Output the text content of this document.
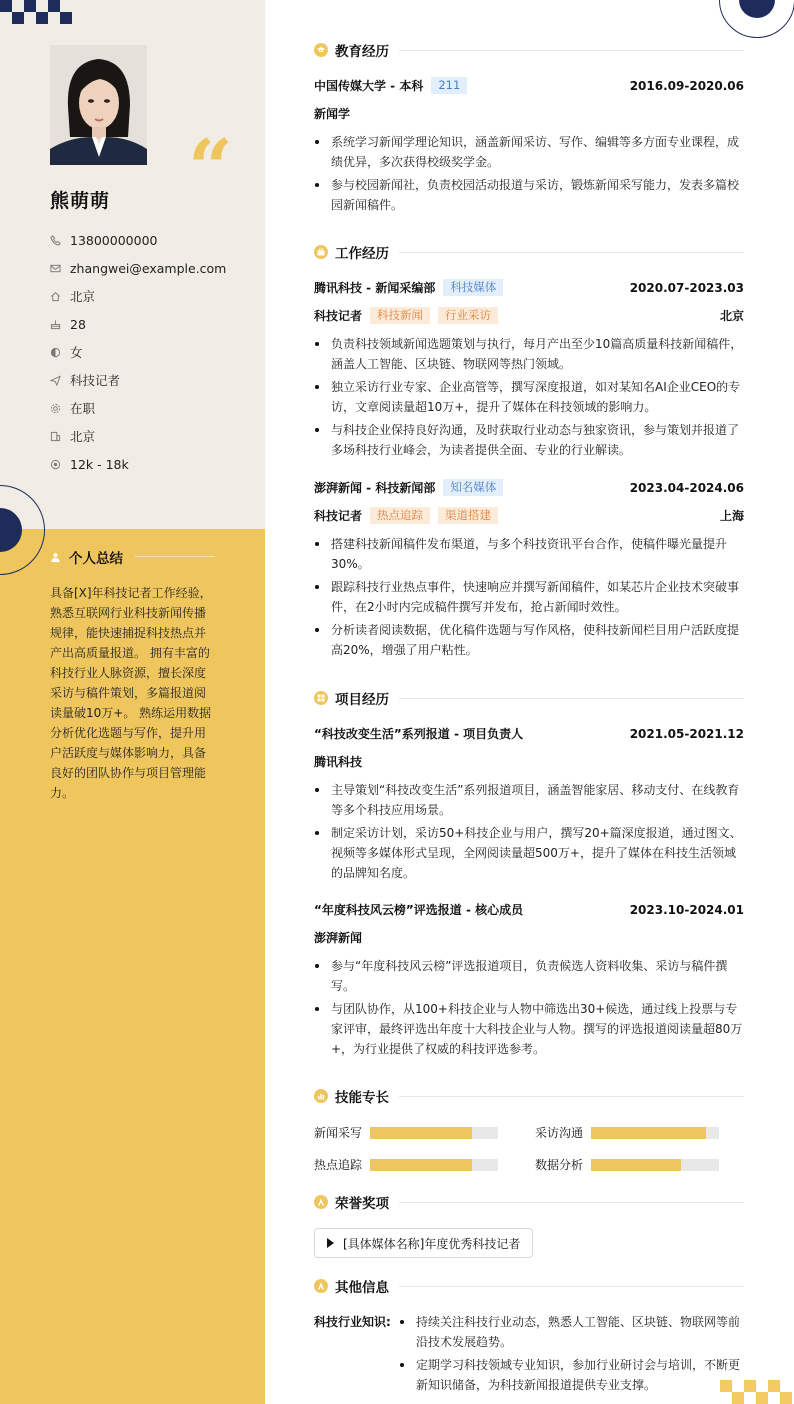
“
熊萌萌
13800000000
zhangwei@example.com
北京
28
女
科技记者
在职
北京
12k - 18k
个人总结
具备[X]年科技记者工作经验，熟悉互联网行业科技新闻传播规律，能快速捕捉科技热点并产出高质量报道。 拥有丰富的科技行业人脉资源，擅长深度采访与稿件策划，多篇报道阅读量破10万+。 熟练运用数据分析优化选题与写作，提升用户活跃度与媒体影响力，具备良好的团队协作与项目管理能力。
教育经历
中国传媒大学 - 本科	211	2016.09-2020.06
新闻学
系统学习新闻学理论知识，涵盖新闻采访、写作、编辑等多方面专业课程，成绩优异，多次获得校级奖学金。
参与校园新闻社，负责校园活动报道与采访，锻炼新闻采写能力，发表多篇校园新闻稿件。
工作经历
腾讯科技 - 新闻采编部	科技媒体	2020.07-2023.03
科技记者	科技新闻	行业采访	北京
负责科技领域新闻选题策划与执行，每月产出至少10篇高质量科技新闻稿件，涵盖人工智能、区块链、物联网等热门领域。
独立采访行业专家、企业高管等，撰写深度报道，如对某知名AI企业CEO的专访，文章阅读量超10万+，提升了媒体在科技领域的影响力。
与科技企业保持良好沟通，及时获取行业动态与独家资讯，参与策划并报道了多场科技行业峰会，为读者提供全面、专业的行业解读。
澎湃新闻 - 科技新闻部	知名媒体	2023.04-2024.06
科技记者	热点追踪	渠道搭建	上海
搭建科技新闻稿件发布渠道，与多个科技资讯平台合作，使稿件曝光量提升30%。
跟踪科技行业热点事件，快速响应并撰写新闻稿件，如某芯片企业技术突破事件，在2小时内完成稿件撰写并发布，抢占新闻时效性。
分析读者阅读数据，优化稿件选题与写作风格，使科技新闻栏目用户活跃度提高20%，增强了用户粘性。
项目经历
“科技改变生活”系列报道 - 项目负责人	2021.05-2021.12
腾讯科技
主导策划“科技改变生活”系列报道项目，涵盖智能家居、移动支付、在线教育等多个科技应用场景。
制定采访计划，采访50+科技企业与用户，撰写20+篇深度报道，通过图文、视频等多媒体形式呈现，全网阅读量超500万+，提升了媒体在科技生活领域的品牌知名度。
“年度科技风云榜”评选报道 - 核心成员	2023.10-2024.01
澎湃新闻
参与“年度科技风云榜”评选报道项目，负责候选人资料收集、采访与稿件撰写。
与团队协作，从100+科技企业与人物中筛选出30+候选，通过线上投票与专家评审，最终评选出年度十大科技企业与人物。撰写的评选报道阅读量超80万+，为行业提供了权威的科技评选参考。
技能专长
新闻采写	采访沟通
热点追踪	数据分析
荣誉奖项
[具体媒体名称]年度优秀科技记者
其他信息
科技行业知识:	持续关注科技行业动态，熟悉人工智能、区块链、物联网等前沿技术发展趋势。
定期学习科技领域专业知识，参加行业研讨会与培训，不断更新知识储备，为科技新闻报道提供专业支撑。
